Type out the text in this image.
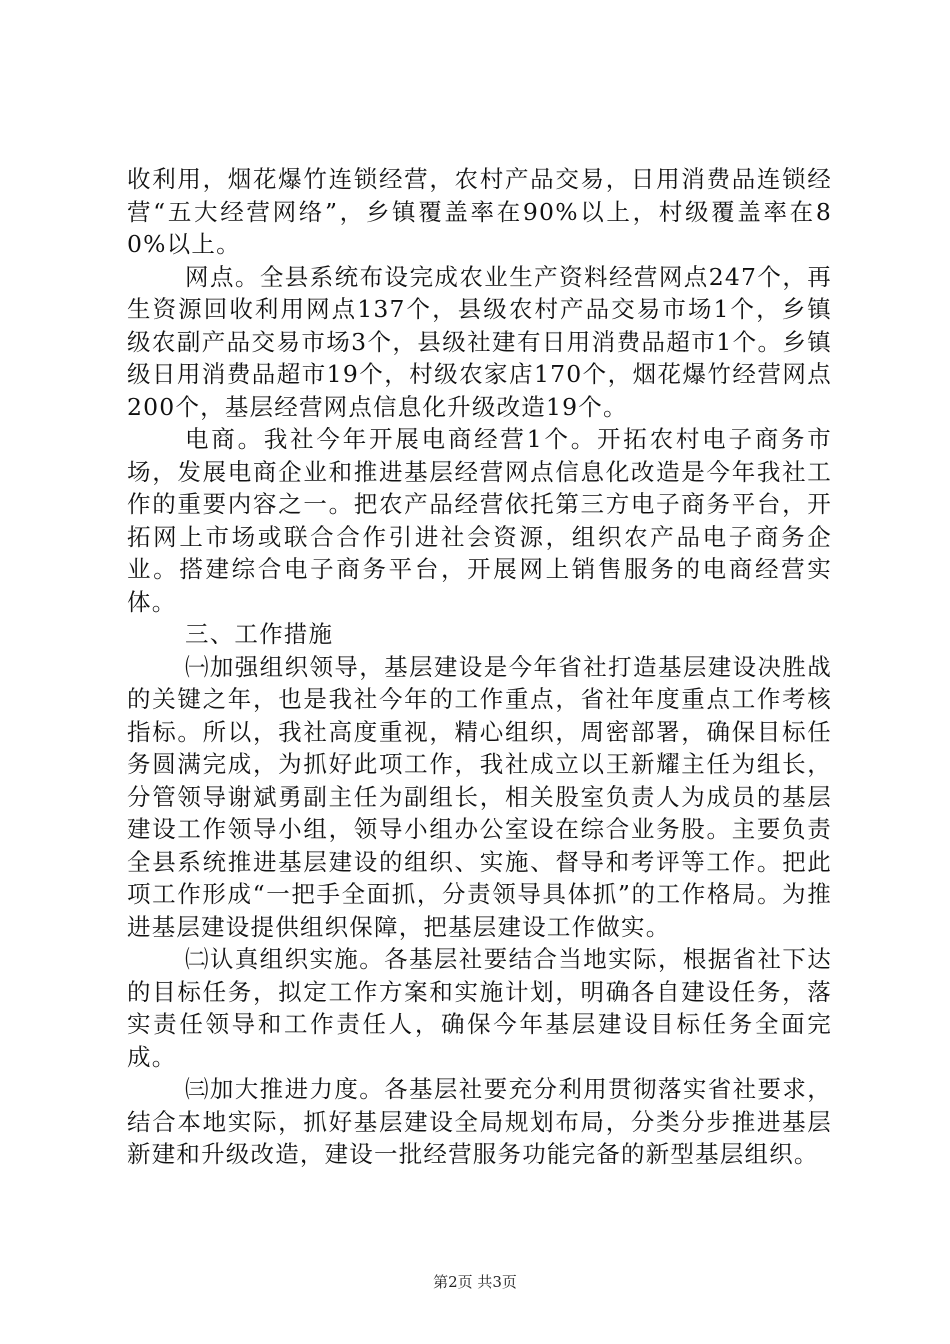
收利用，烟花爆竹连锁经营，农村产品交易，日用消费品连锁经营“五大经营网络”，乡镇覆盖率在90%以上，村级覆盖率在80%以上。

网点。全县系统布设完成农业生产资料经营网点247个，再生资源回收利用网点137个，县级农村产品交易市场1个，乡镇级农副产品交易市场3个，县级社建有日用消费品超市1个。乡镇级日用消费品超市19个，村级农家店170个，烟花爆竹经营网点200个，基层经营网点信息化升级改造19个。

电商。我社今年开展电商经营1个。开拓农村电子商务市场，发展电商企业和推进基层经营网点信息化改造是今年我社工作的重要内容之一。把农产品经营依托第三方电子商务平台，开拓网上市场或联合合作引进社会资源，组织农产品电子商务企业。搭建综合电子商务平台，开展网上销售服务的电商经营实体。

三、工作措施

㈠加强组织领导，基层建设是今年省社打造基层建设决胜战的关键之年，也是我社今年的工作重点，省社年度重点工作考核指标。所以，我社高度重视，精心组织，周密部署，确保目标任务圆满完成，为抓好此项工作，我社成立以王新耀主任为组长，分管领导谢斌勇副主任为副组长，相关股室负责人为成员的基层建设工作领导小组，领导小组办公室设在综合业务股。主要负责全县系统推进基层建设的组织、实施、督导和考评等工作。把此项工作形成“一把手全面抓，分责领导具体抓”的工作格局。为推进基层建设提供组织保障，把基层建设工作做实。

㈡认真组织实施。各基层社要结合当地实际，根据省社下达的目标任务，拟定工作方案和实施计划，明确各自建设任务，落实责任领导和工作责任人，确保今年基层建设目标任务全面完成。

㈢加大推进力度。各基层社要充分利用贯彻落实省社要求，结合本地实际，抓好基层建设全局规划布局，分类分步推进基层新建和升级改造，建设一批经营服务功能完备的新型基层组织。

第2页 共3页
